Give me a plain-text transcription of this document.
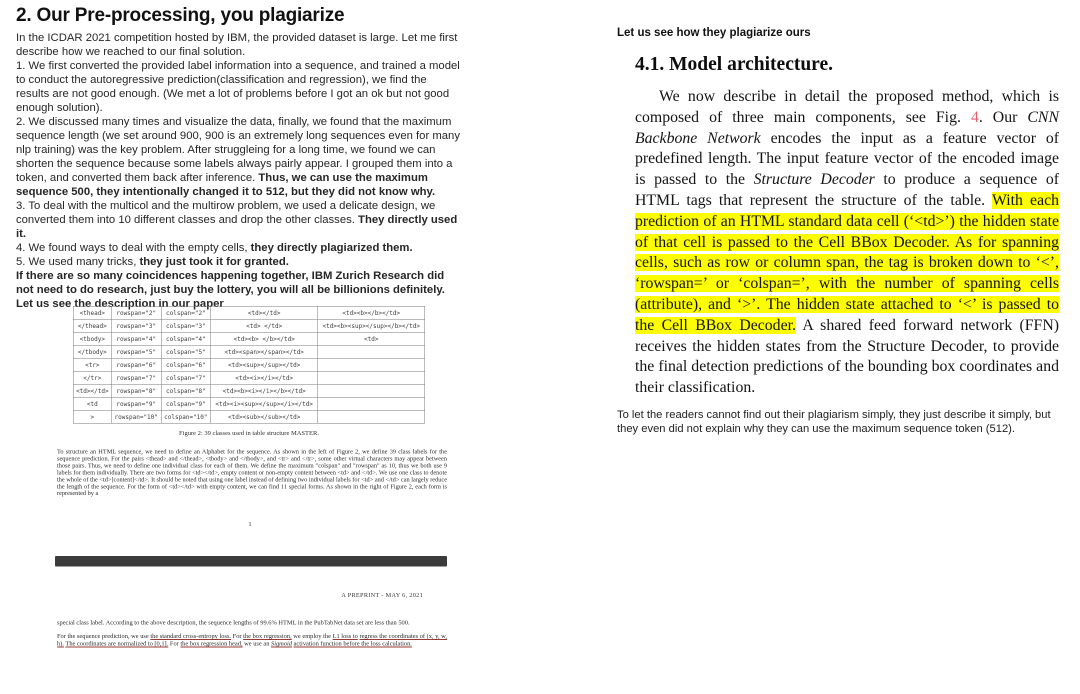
2. Our Pre-processing, you plagiarize

In the ICDAR 2021 competition hosted by IBM, the provided dataset is large. Let me first describe how we reached to our final solution.

1. We first converted the provided label information into a sequence, and trained a model to conduct the autoregressive prediction(classification and regression), we find the results are not good enough. (We met a lot of problems before I got an ok but not good enough solution).

2. We discussed many times and visualize the data, finally, we found that the maximum sequence length (we set around 900, 900 is an extremely long sequences even for many nlp training) was the key problem. After struggleing for a long time, we found we can shorten the sequence because some labels always pairly appear. I grouped them into a token, and converted them back after inference. Thus, we can use the maximum sequence 500, they intentionally changed it to 512, but they did not know why.

3. To deal with the multicol and the multirow problem, we used a delicate design, we converted them into 10 different classes and drop the other classes. They directly used it.

4. We found ways to deal with the empty cells, they directly plagiarized them.

5. We used many tricks, they just took it for granted.

If there are so many coincidences happening together, IBM Zurich Research did not need to do research, just buy the lottery, you will all be billionions definitely.

Let us see the description in our paper

<thead>	rowspan="2"	colspan="2"	<td></td>	<td><b></b></td>
</thead>	rowspan="3"	colspan="3"	<td> </td>	<td><b><sup></sup></b></td>
<tbody>	rowspan="4"	colspan="4"	<td><b> </b></td>	<td>
</tbody>	rowspan="5"	colspan="5"	<td><span></span></td>	
<tr>	rowspan="6"	colspan="6"	<td><sup></sup></td>	
</tr>	rowspan="7"	colspan="7"	<td><i></i></td>	
<td></td>	rowspan="8"	colspan="8"	<td><b><i></i></b></td>	
<td	rowspan="9"	colspan="9"	<td><i><sup></sup></i></td>	
>	rowspan="10"	colspan="10"	<td><sub></sub></td>	
Figure 2: 39 classes used in table structure MASTER.

To structure an HTML sequence, we need to define an Alphabet for the sequence. As shown in the left of Figure 2, we define 39 class labels for the sequence prediction. For the pairs <thead> and </thead>, <tbody> and </tbody>, and <tr> and </tr>, some other virtual characters may appear between those pairs. Thus, we need to define one individual class for each of them. We define the maximum "colspan" and "rowspan" as 10, thus we both use 9 labels for them individually. There are two forms for <td></td>, empty content or non-empty content between <td> and </td>. We use one class to denote the whole of the <td>[content]</td>. It should be noted that using one label instead of defining two individual labels for <td> and </td> can largely reduce the length of the sequence. For the form of <td></td> with empty content, we can find 11 special forms. As shown in the right of Figure 2, each form is represented by a

1
A PREPRINT - MAY 6, 2021

special class label. According to the above description, the sequence lengths of 99.6% HTML in the PubTabNet data set are less than 500.

For the sequence prediction, we use the standard cross-entropy loss. For the box regression, we employ the L1 loss to regress the coordinates of (x, y, w, h). The coordinates are normalized to [0,1]. For the box regression head, we use an Sigmoid activation function before the loss calculation.

Let us see how they plagiarize ours
4.1. Model architecture.

We now describe in detail the proposed method, which is composed of three main components, see Fig. 4. Our CNN Backbone Network encodes the input as a feature vector of predefined length. The input feature vector of the encoded image is passed to the Structure Decoder to produce a sequence of HTML tags that represent the structure of the table. With each prediction of an HTML standard data cell (‘<td>’) the hidden state of that cell is passed to the Cell BBox Decoder. As for spanning cells, such as row or column span, the tag is broken down to ‘<’, ‘rowspan=’ or ‘colspan=’, with the number of spanning cells (attribute), and ‘>’. The hidden state attached to ‘<’ is passed to the Cell BBox Decoder. A shared feed forward network (FFN) receives the hidden states from the Structure Decoder, to provide the final detection predictions of the bounding box coordinates and their classification.

To let the readers cannot find out their plagiarism simply, they just describe it simply, but they even did not explain why they can use the maximum sequence token (512).
